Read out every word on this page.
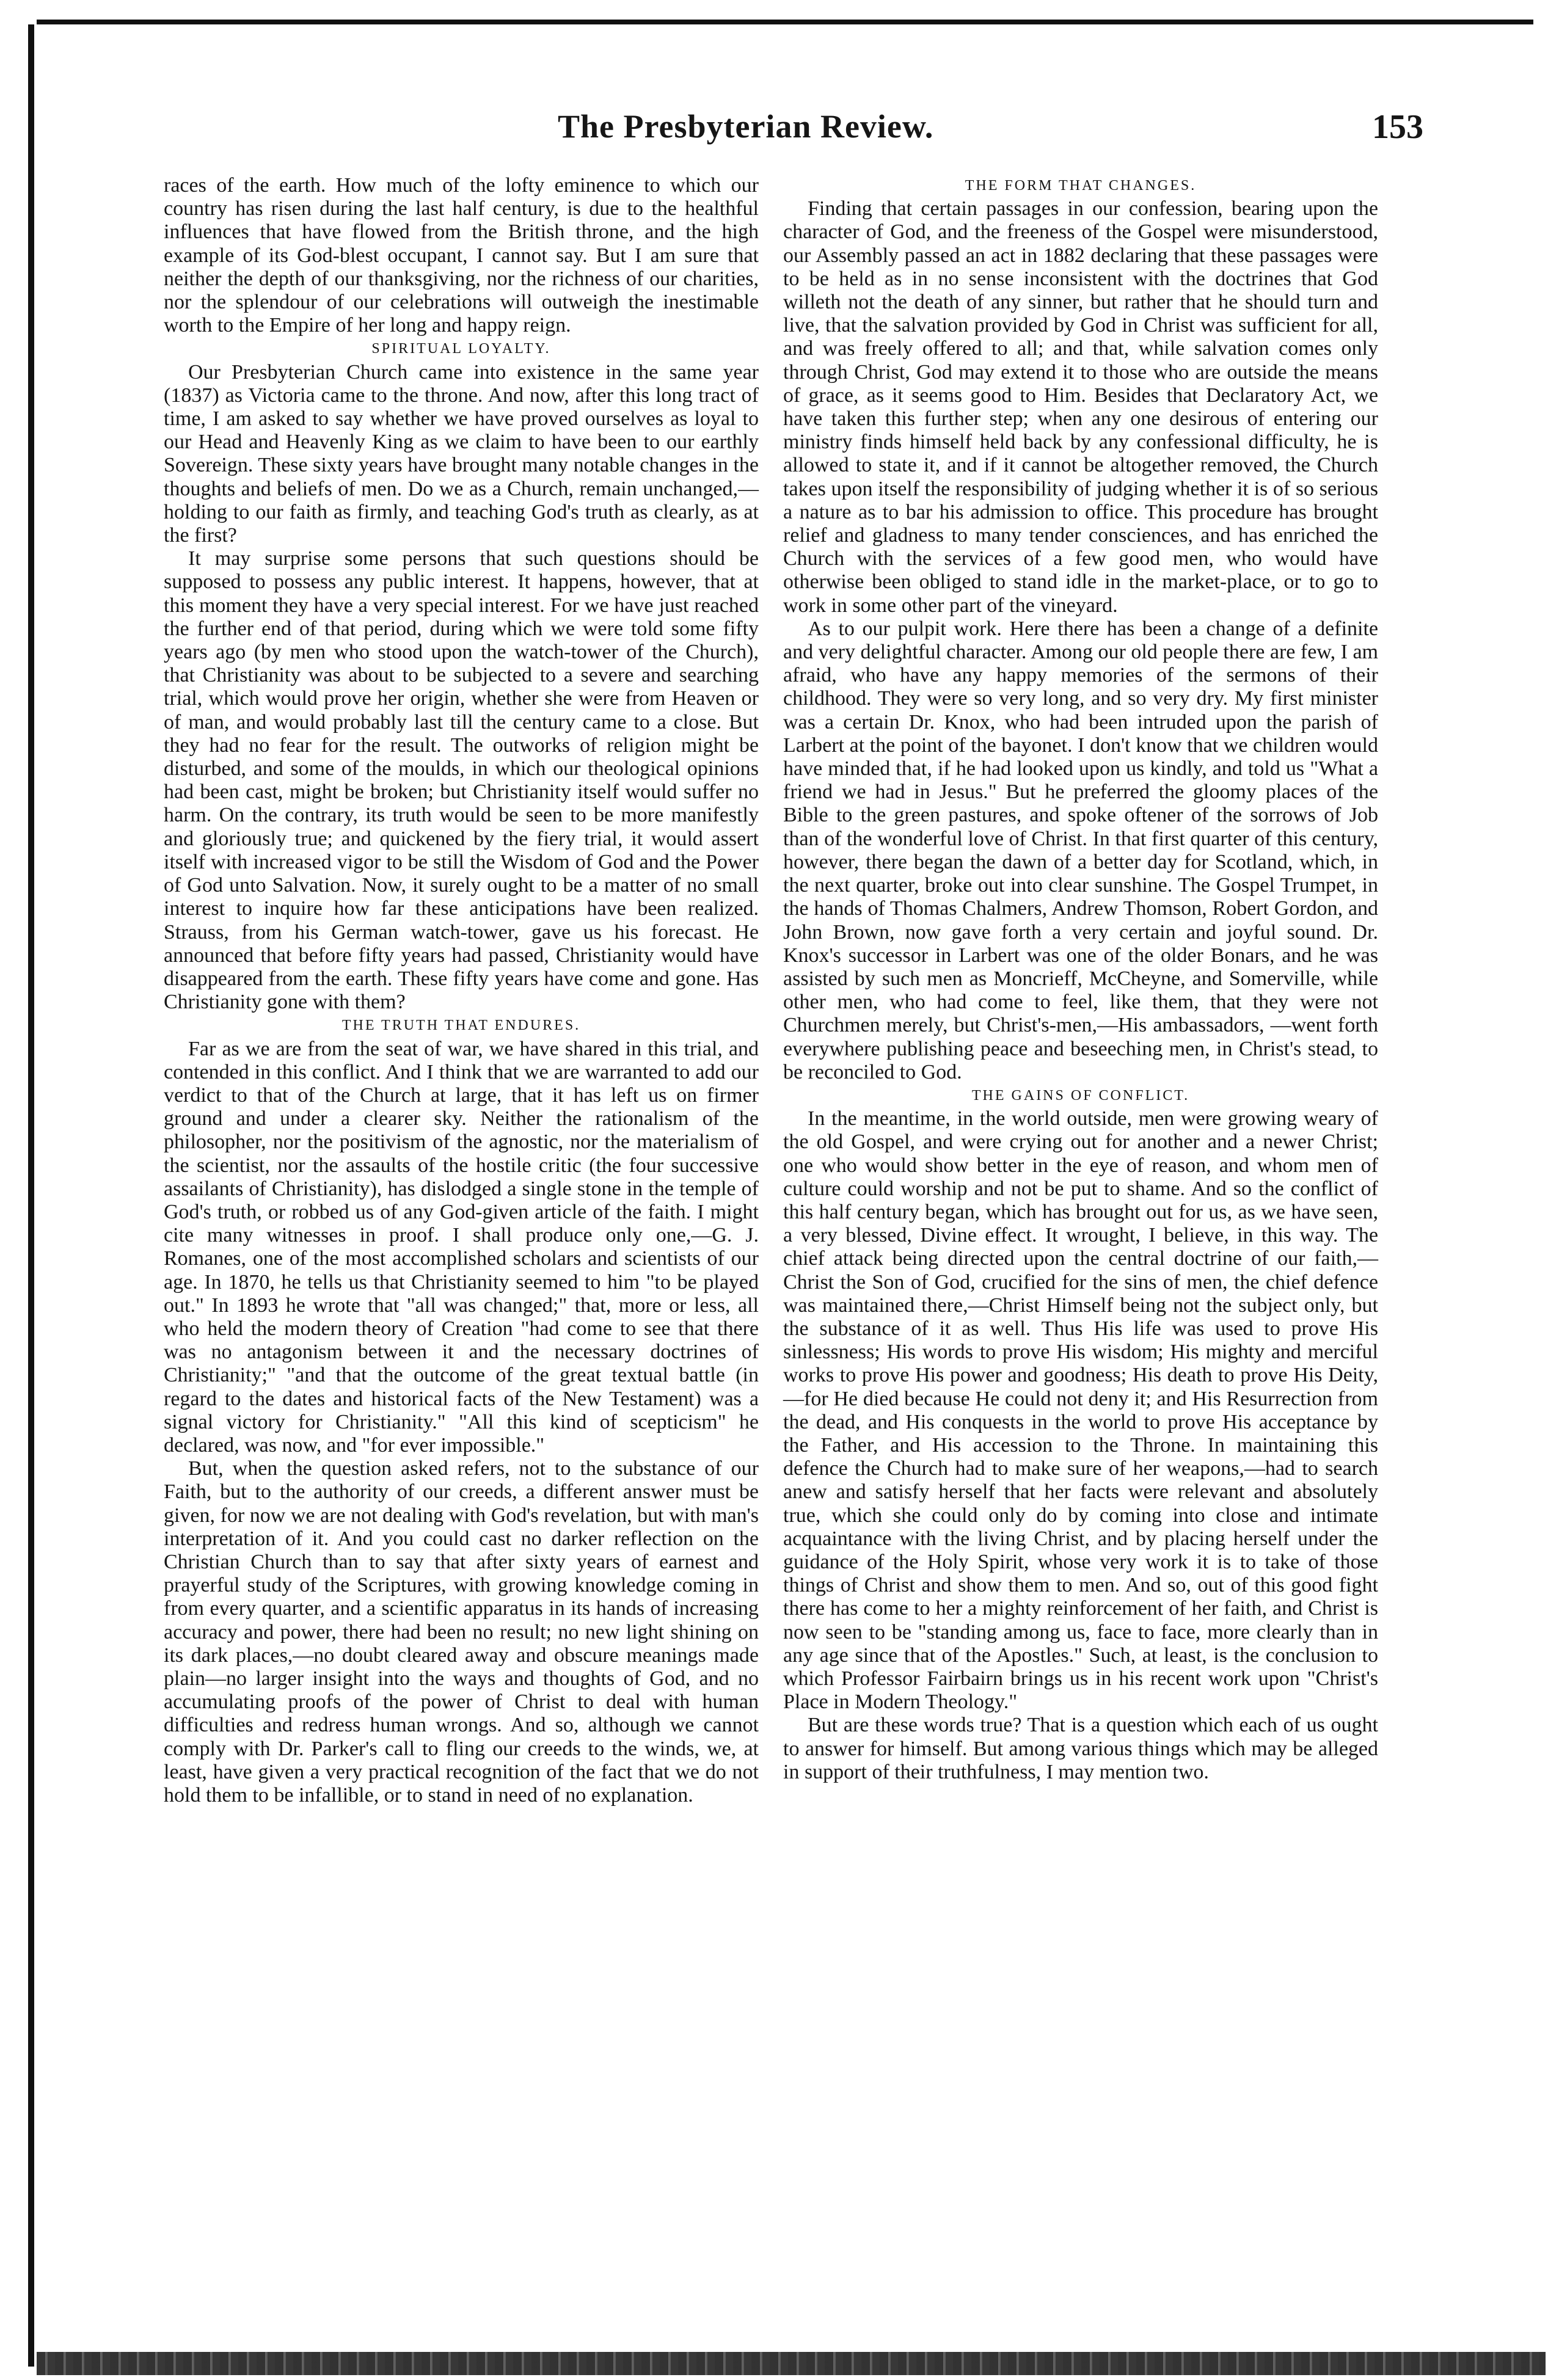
The Presbyterian Review.	153

races of the earth. How much of the lofty eminence to which our country has risen during the last half century, is due to the healthful influences that have flowed from the British throne, and the high example of its God-blest occupant, I cannot say. But I am sure that neither the depth of our thanksgiving, nor the richness of our charities, nor the splendour of our celebrations will outweigh the inestimable worth to the Empire of her long and happy reign.

SPIRITUAL LOYALTY.

Our Presbyterian Church came into existence in the same year (1837) as Victoria came to the throne. And now, after this long tract of time, I am asked to say whether we have proved ourselves as loyal to our Head and Heavenly King as we claim to have been to our earthly Sovereign. These sixty years have brought many notable changes in the thoughts and beliefs of men. Do we as a Church, remain unchanged,—holding to our faith as firmly, and teaching God's truth as clearly, as at the first?

It may surprise some persons that such questions should be supposed to possess any public interest. It happens, however, that at this moment they have a very special interest. For we have just reached the further end of that period, during which we were told some fifty years ago (by men who stood upon the watch-tower of the Church), that Christianity was about to be subjected to a severe and searching trial, which would prove her origin, whether she were from Heaven or of man, and would probably last till the century came to a close. But they had no fear for the result. The outworks of religion might be disturbed, and some of the moulds, in which our theological opinions had been cast, might be broken; but Christianity itself would suffer no harm. On the contrary, its truth would be seen to be more manifestly and gloriously true; and quickened by the fiery trial, it would assert itself with increased vigor to be still the Wisdom of God and the Power of God unto Salvation. Now, it surely ought to be a matter of no small interest to inquire how far these anticipations have been realized. Strauss, from his German watch-tower, gave us his forecast. He announced that before fifty years had passed, Christianity would have disappeared from the earth. These fifty years have come and gone. Has Christianity gone with them?

THE TRUTH THAT ENDURES.

Far as we are from the seat of war, we have shared in this trial, and contended in this conflict. And I think that we are warranted to add our verdict to that of the Church at large, that it has left us on firmer ground and under a clearer sky. Neither the rationalism of the philosopher, nor the positivism of the agnostic, nor the materialism of the scientist, nor the assaults of the hostile critic (the four successive assailants of Christianity), has dislodged a single stone in the temple of God's truth, or robbed us of any God-given article of the faith. I might cite many witnesses in proof. I shall produce only one,—G. J. Romanes, one of the most accomplished scholars and scientists of our age. In 1870, he tells us that Christianity seemed to him "to be played out." In 1893 he wrote that "all was changed;" that, more or less, all who held the modern theory of Creation "had come to see that there was no antagonism between it and the necessary doctrines of Christianity;" "and that the outcome of the great textual battle (in regard to the dates and historical facts of the New Testament) was a signal victory for Christianity." "All this kind of scepticism" he declared, was now, and "for ever impossible."

But, when the question asked refers, not to the substance of our Faith, but to the authority of our creeds, a different answer must be given, for now we are not dealing with God's revelation, but with man's interpretation of it. And you could cast no darker reflection on the Christian Church than to say that after sixty years of earnest and prayerful study of the Scriptures, with growing knowledge coming in from every quarter, and a scientific apparatus in its hands of increasing accuracy and power, there had been no result; no new light shining on its dark places,—no doubt cleared away and obscure meanings made plain—no larger insight into the ways and thoughts of God, and no accumulating proofs of the power of Christ to deal with human difficulties and redress human wrongs. And so, although we cannot comply with Dr. Parker's call to fling our creeds to the winds, we, at least, have given a very practical recognition of the fact that we do not hold them to be infallible, or to stand in need of no explanation.

THE FORM THAT CHANGES.

Finding that certain passages in our confession, bearing upon the character of God, and the freeness of the Gospel were misunderstood, our Assembly passed an act in 1882 declaring that these passages were to be held as in no sense inconsistent with the doctrines that God willeth not the death of any sinner, but rather that he should turn and live, that the salvation provided by God in Christ was sufficient for all, and was freely offered to all; and that, while salvation comes only through Christ, God may extend it to those who are outside the means of grace, as it seems good to Him. Besides that Declaratory Act, we have taken this further step; when any one desirous of entering our ministry finds himself held back by any confessional difficulty, he is allowed to state it, and if it cannot be altogether removed, the Church takes upon itself the responsibility of judging whether it is of so serious a nature as to bar his admission to office. This procedure has brought relief and gladness to many tender consciences, and has enriched the Church with the services of a few good men, who would have otherwise been obliged to stand idle in the market-place, or to go to work in some other part of the vineyard.

As to our pulpit work. Here there has been a change of a definite and very delightful character. Among our old people there are few, I am afraid, who have any happy memories of the sermons of their childhood. They were so very long, and so very dry. My first minister was a certain Dr. Knox, who had been intruded upon the parish of Larbert at the point of the bayonet. I don't know that we children would have minded that, if he had looked upon us kindly, and told us "What a friend we had in Jesus." But he preferred the gloomy places of the Bible to the green pastures, and spoke oftener of the sorrows of Job than of the wonderful love of Christ. In that first quarter of this century, however, there began the dawn of a better day for Scotland, which, in the next quarter, broke out into clear sunshine. The Gospel Trumpet, in the hands of Thomas Chalmers, Andrew Thomson, Robert Gordon, and John Brown, now gave forth a very certain and joyful sound. Dr. Knox's successor in Larbert was one of the older Bonars, and he was assisted by such men as Moncrieff, McCheyne, and Somerville, while other men, who had come to feel, like them, that they were not Churchmen merely, but Christ's-men,—His ambassadors, —went forth everywhere publishing peace and beseeching men, in Christ's stead, to be reconciled to God.

THE GAINS OF CONFLICT.

In the meantime, in the world outside, men were growing weary of the old Gospel, and were crying out for another and a newer Christ; one who would show better in the eye of reason, and whom men of culture could worship and not be put to shame. And so the conflict of this half century began, which has brought out for us, as we have seen, a very blessed, Divine effect. It wrought, I believe, in this way. The chief attack being directed upon the central doctrine of our faith,—Christ the Son of God, crucified for the sins of men, the chief defence was maintained there,—Christ Himself being not the subject only, but the substance of it as well. Thus His life was used to prove His sinlessness; His words to prove His wisdom; His mighty and merciful works to prove His power and goodness; His death to prove His Deity,—for He died because He could not deny it; and His Resurrection from the dead, and His conquests in the world to prove His acceptance by the Father, and His accession to the Throne. In maintaining this defence the Church had to make sure of her weapons,—had to search anew and satisfy herself that her facts were relevant and absolutely true, which she could only do by coming into close and intimate acquaintance with the living Christ, and by placing herself under the guidance of the Holy Spirit, whose very work it is to take of those things of Christ and show them to men. And so, out of this good fight there has come to her a mighty reinforcement of her faith, and Christ is now seen to be "standing among us, face to face, more clearly than in any age since that of the Apostles." Such, at least, is the conclusion to which Professor Fairbairn brings us in his recent work upon "Christ's Place in Modern Theology."

But are these words true? That is a question which each of us ought to answer for himself. But among various things which may be alleged in support of their truthfulness, I may mention two.
